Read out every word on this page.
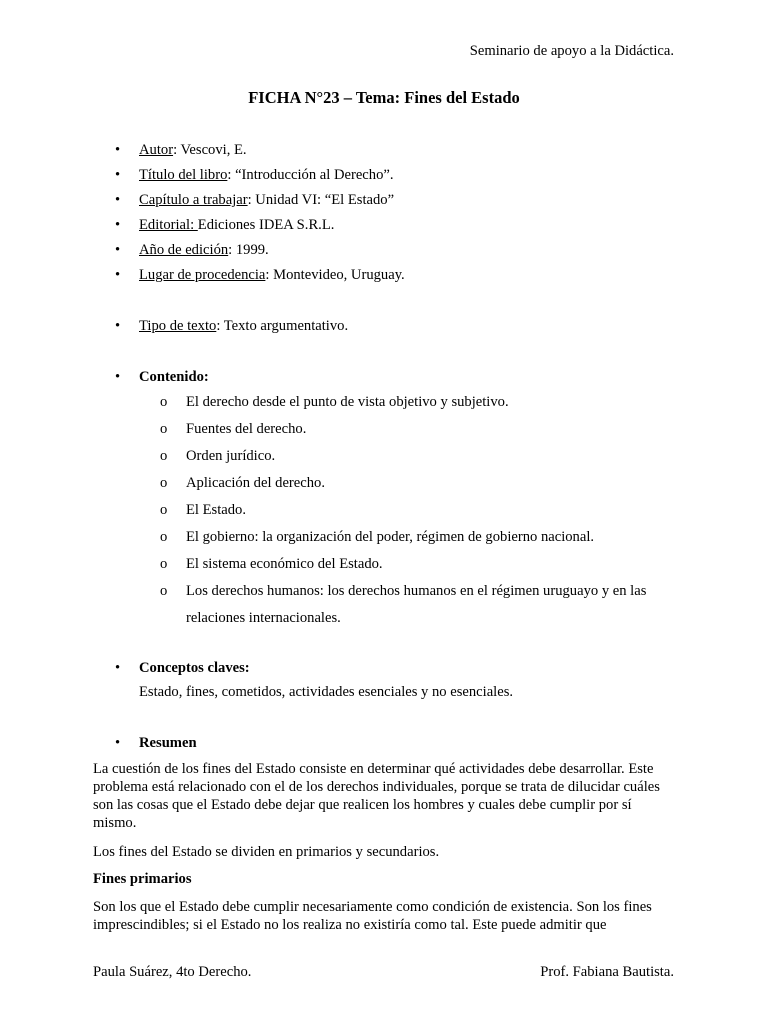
Seminario de apoyo a la Didáctica.
FICHA N°23 – Tema: Fines del Estado
•	Autor: Vescovi, E.
•	Título del libro: “Introducción al Derecho”.
•	Capítulo a trabajar: Unidad VI: “El Estado”
•	Editorial: Ediciones IDEA S.R.L.
•	Año de edición: 1999.
•	Lugar de procedencia: Montevideo, Uruguay.
•	Tipo de texto: Texto argumentativo.
•	Contenido:
o El derecho desde el punto de vista objetivo y subjetivo.
o Fuentes del derecho.
o Orden jurídico.
o Aplicación del derecho.
o El Estado.
o El gobierno: la organización del poder, régimen de gobierno nacional.
o El sistema económico del Estado.
o Los derechos humanos: los derechos humanos en el régimen uruguayo y en las
relaciones internacionales.
•	Conceptos claves:
Estado, fines, cometidos, actividades esenciales y no esenciales.
•	Resumen
La cuestión de los fines del Estado consiste en determinar qué actividades debe desarrollar. Este problema está relacionado con el de los derechos individuales, porque se trata de dilucidar cuáles son las cosas que el Estado debe dejar que realicen los hombres y cuales debe cumplir por sí mismo.
Los fines del Estado se dividen en primarios y secundarios.
Fines primarios
Son los que el Estado debe cumplir necesariamente como condición de existencia. Son los fines imprescindibles; si el Estado no los realiza no existiría como tal. Este puede admitir que
Paula Suárez, 4to Derecho.	Prof. Fabiana Bautista.
